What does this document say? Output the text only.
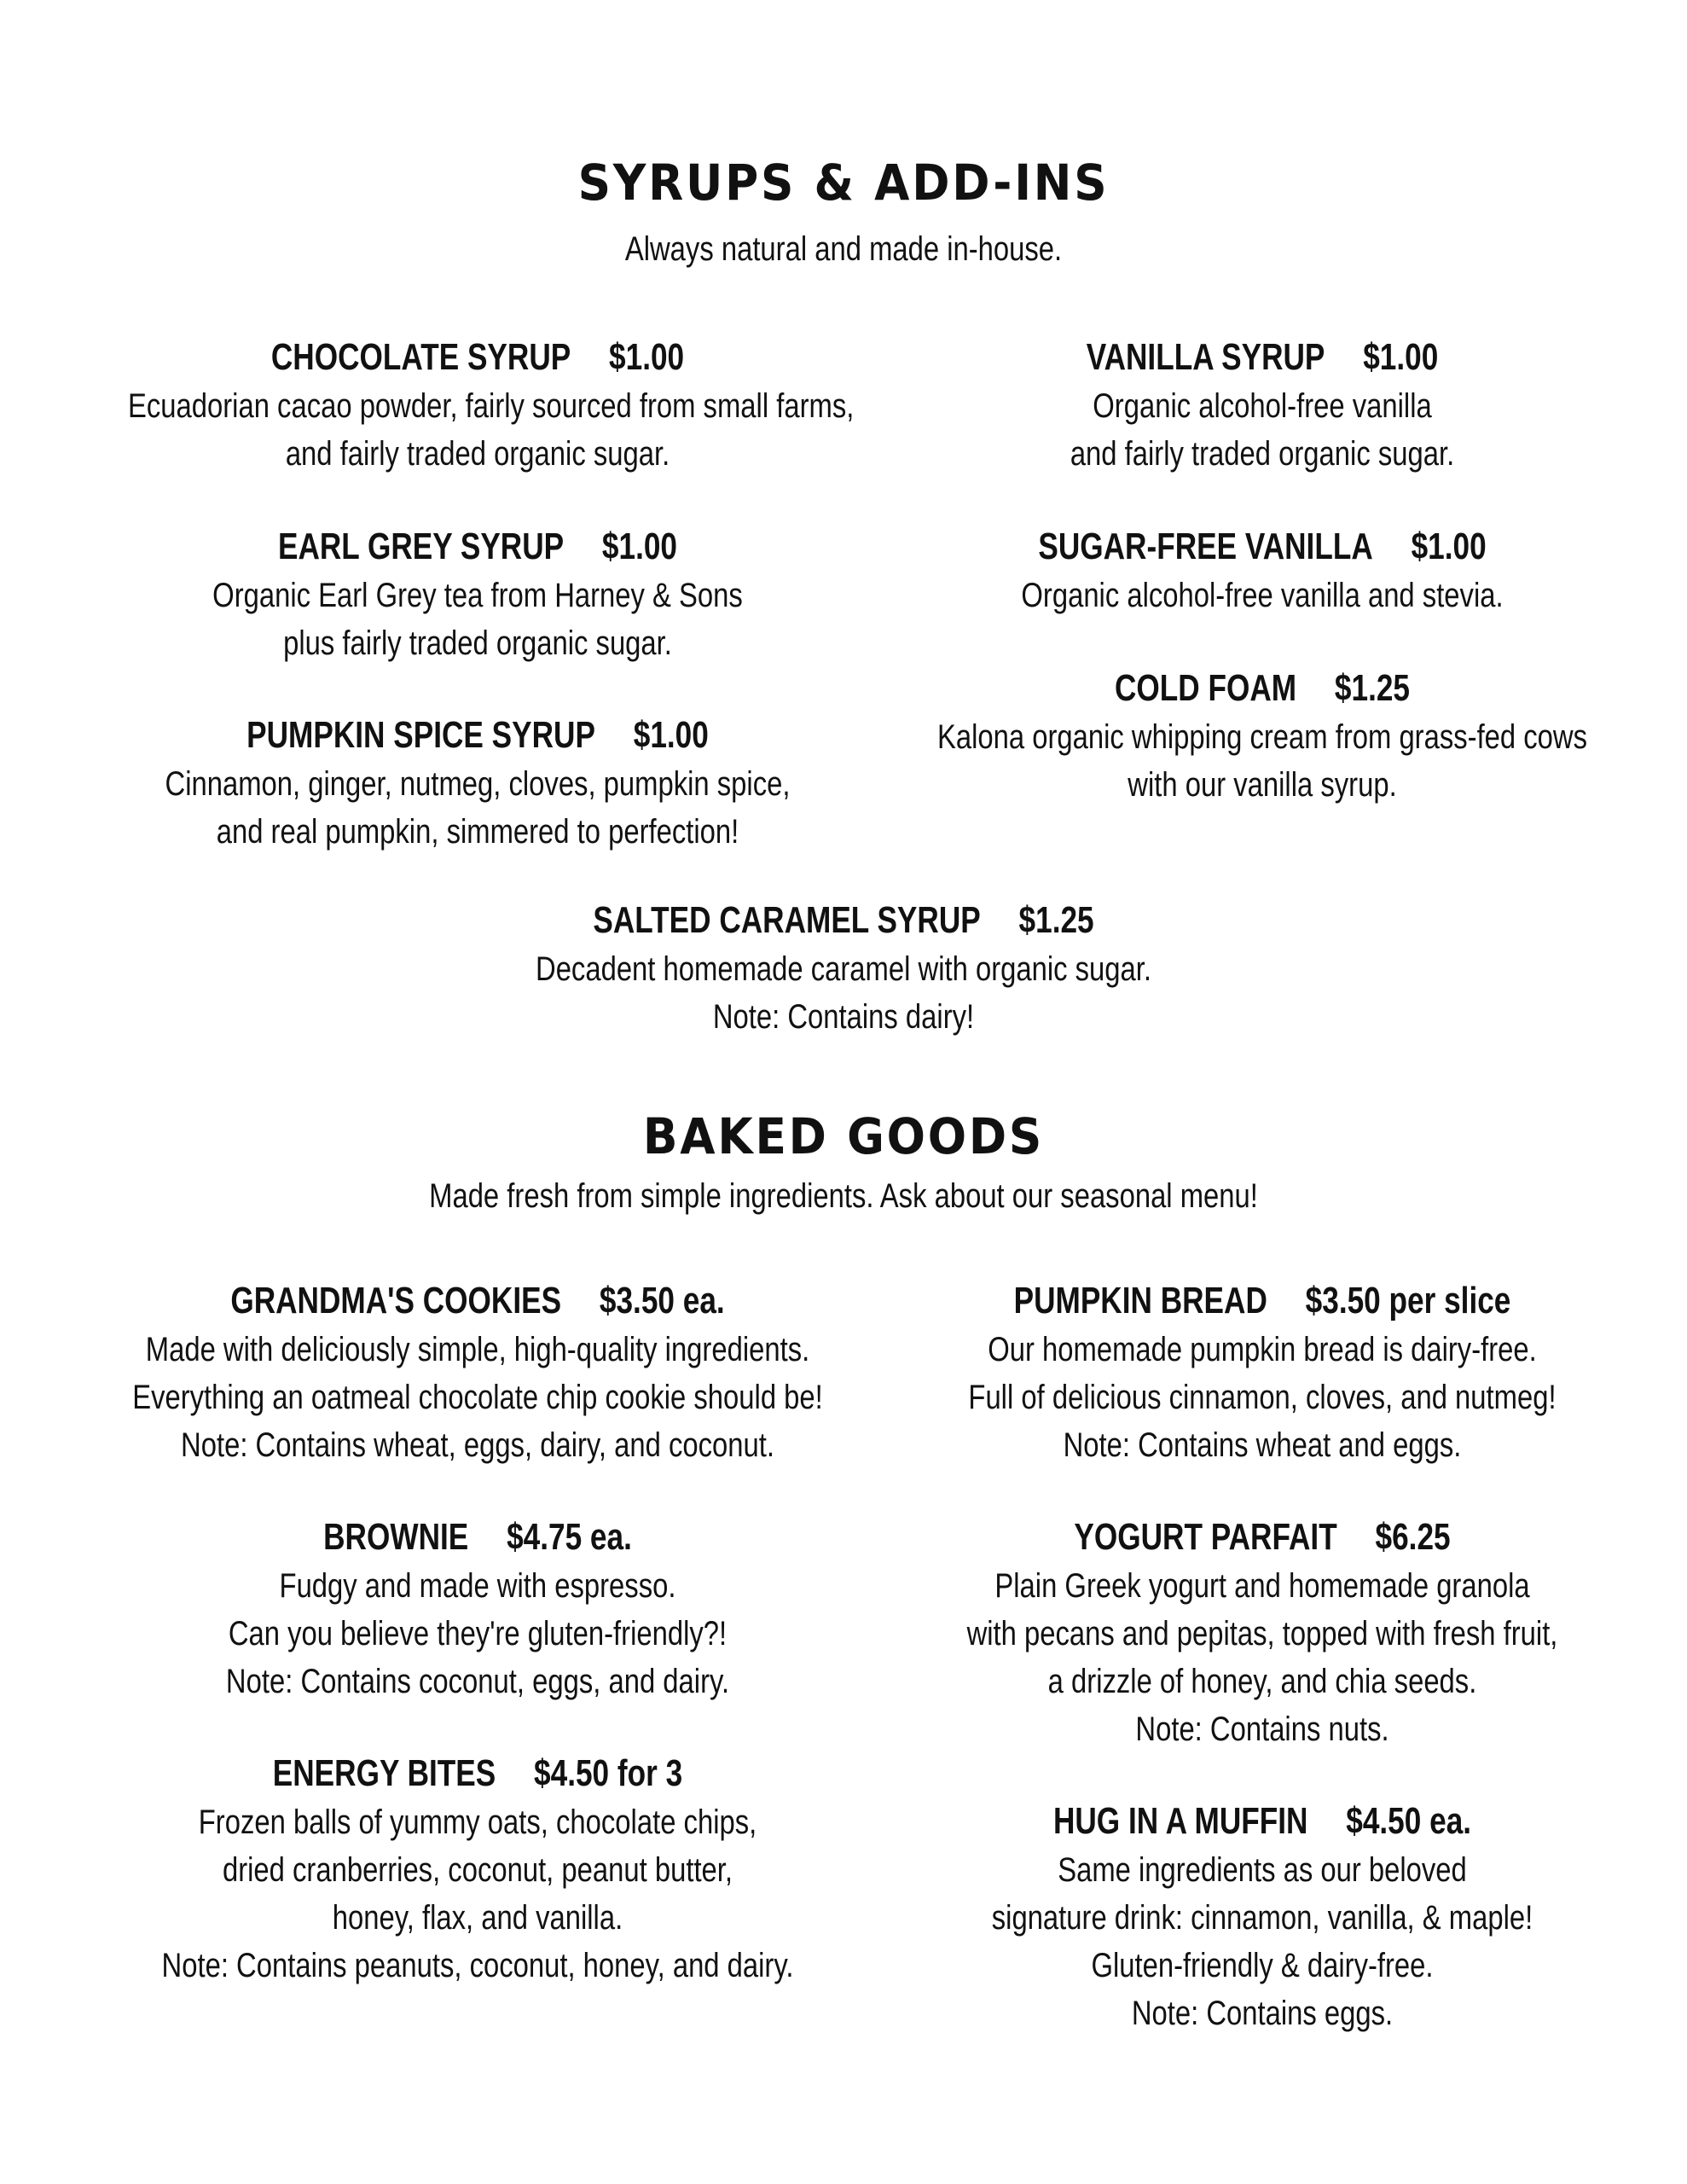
SYRUPS & ADD-INS
Always natural and made in-house.
CHOCOLATE SYRUP $1.00
Ecuadorian cacao powder, fairly sourced from small farms,
and fairly traded organic sugar.
EARL GREY SYRUP $1.00
Organic Earl Grey tea from Harney & Sons
plus fairly traded organic sugar.
PUMPKIN SPICE SYRUP $1.00
Cinnamon, ginger, nutmeg, cloves, pumpkin spice,
and real pumpkin, simmered to perfection!
VANILLA SYRUP $1.00
Organic alcohol-free vanilla
and fairly traded organic sugar.
SUGAR-FREE VANILLA $1.00
Organic alcohol-free vanilla and stevia.
COLD FOAM $1.25
Kalona organic whipping cream from grass-fed cows
with our vanilla syrup.
SALTED CARAMEL SYRUP $1.25
Decadent homemade caramel with organic sugar.
Note: Contains dairy!
BAKED GOODS
Made fresh from simple ingredients. Ask about our seasonal menu!
GRANDMA'S COOKIES $3.50 ea.
Made with deliciously simple, high-quality ingredients.
Everything an oatmeal chocolate chip cookie should be!
Note: Contains wheat, eggs, dairy, and coconut.
BROWNIE $4.75 ea.
Fudgy and made with espresso.
Can you believe they're gluten-friendly?!
Note: Contains coconut, eggs, and dairy.
ENERGY BITES $4.50 for 3
Frozen balls of yummy oats, chocolate chips,
dried cranberries, coconut, peanut butter,
honey, flax, and vanilla.
Note: Contains peanuts, coconut, honey, and dairy.
PUMPKIN BREAD $3.50 per slice
Our homemade pumpkin bread is dairy-free.
Full of delicious cinnamon, cloves, and nutmeg!
Note: Contains wheat and eggs.
YOGURT PARFAIT $6.25
Plain Greek yogurt and homemade granola
with pecans and pepitas, topped with fresh fruit,
a drizzle of honey, and chia seeds.
Note: Contains nuts.
HUG IN A MUFFIN $4.50 ea.
Same ingredients as our beloved
signature drink: cinnamon, vanilla, & maple!
Gluten-friendly & dairy-free.
Note: Contains eggs.
